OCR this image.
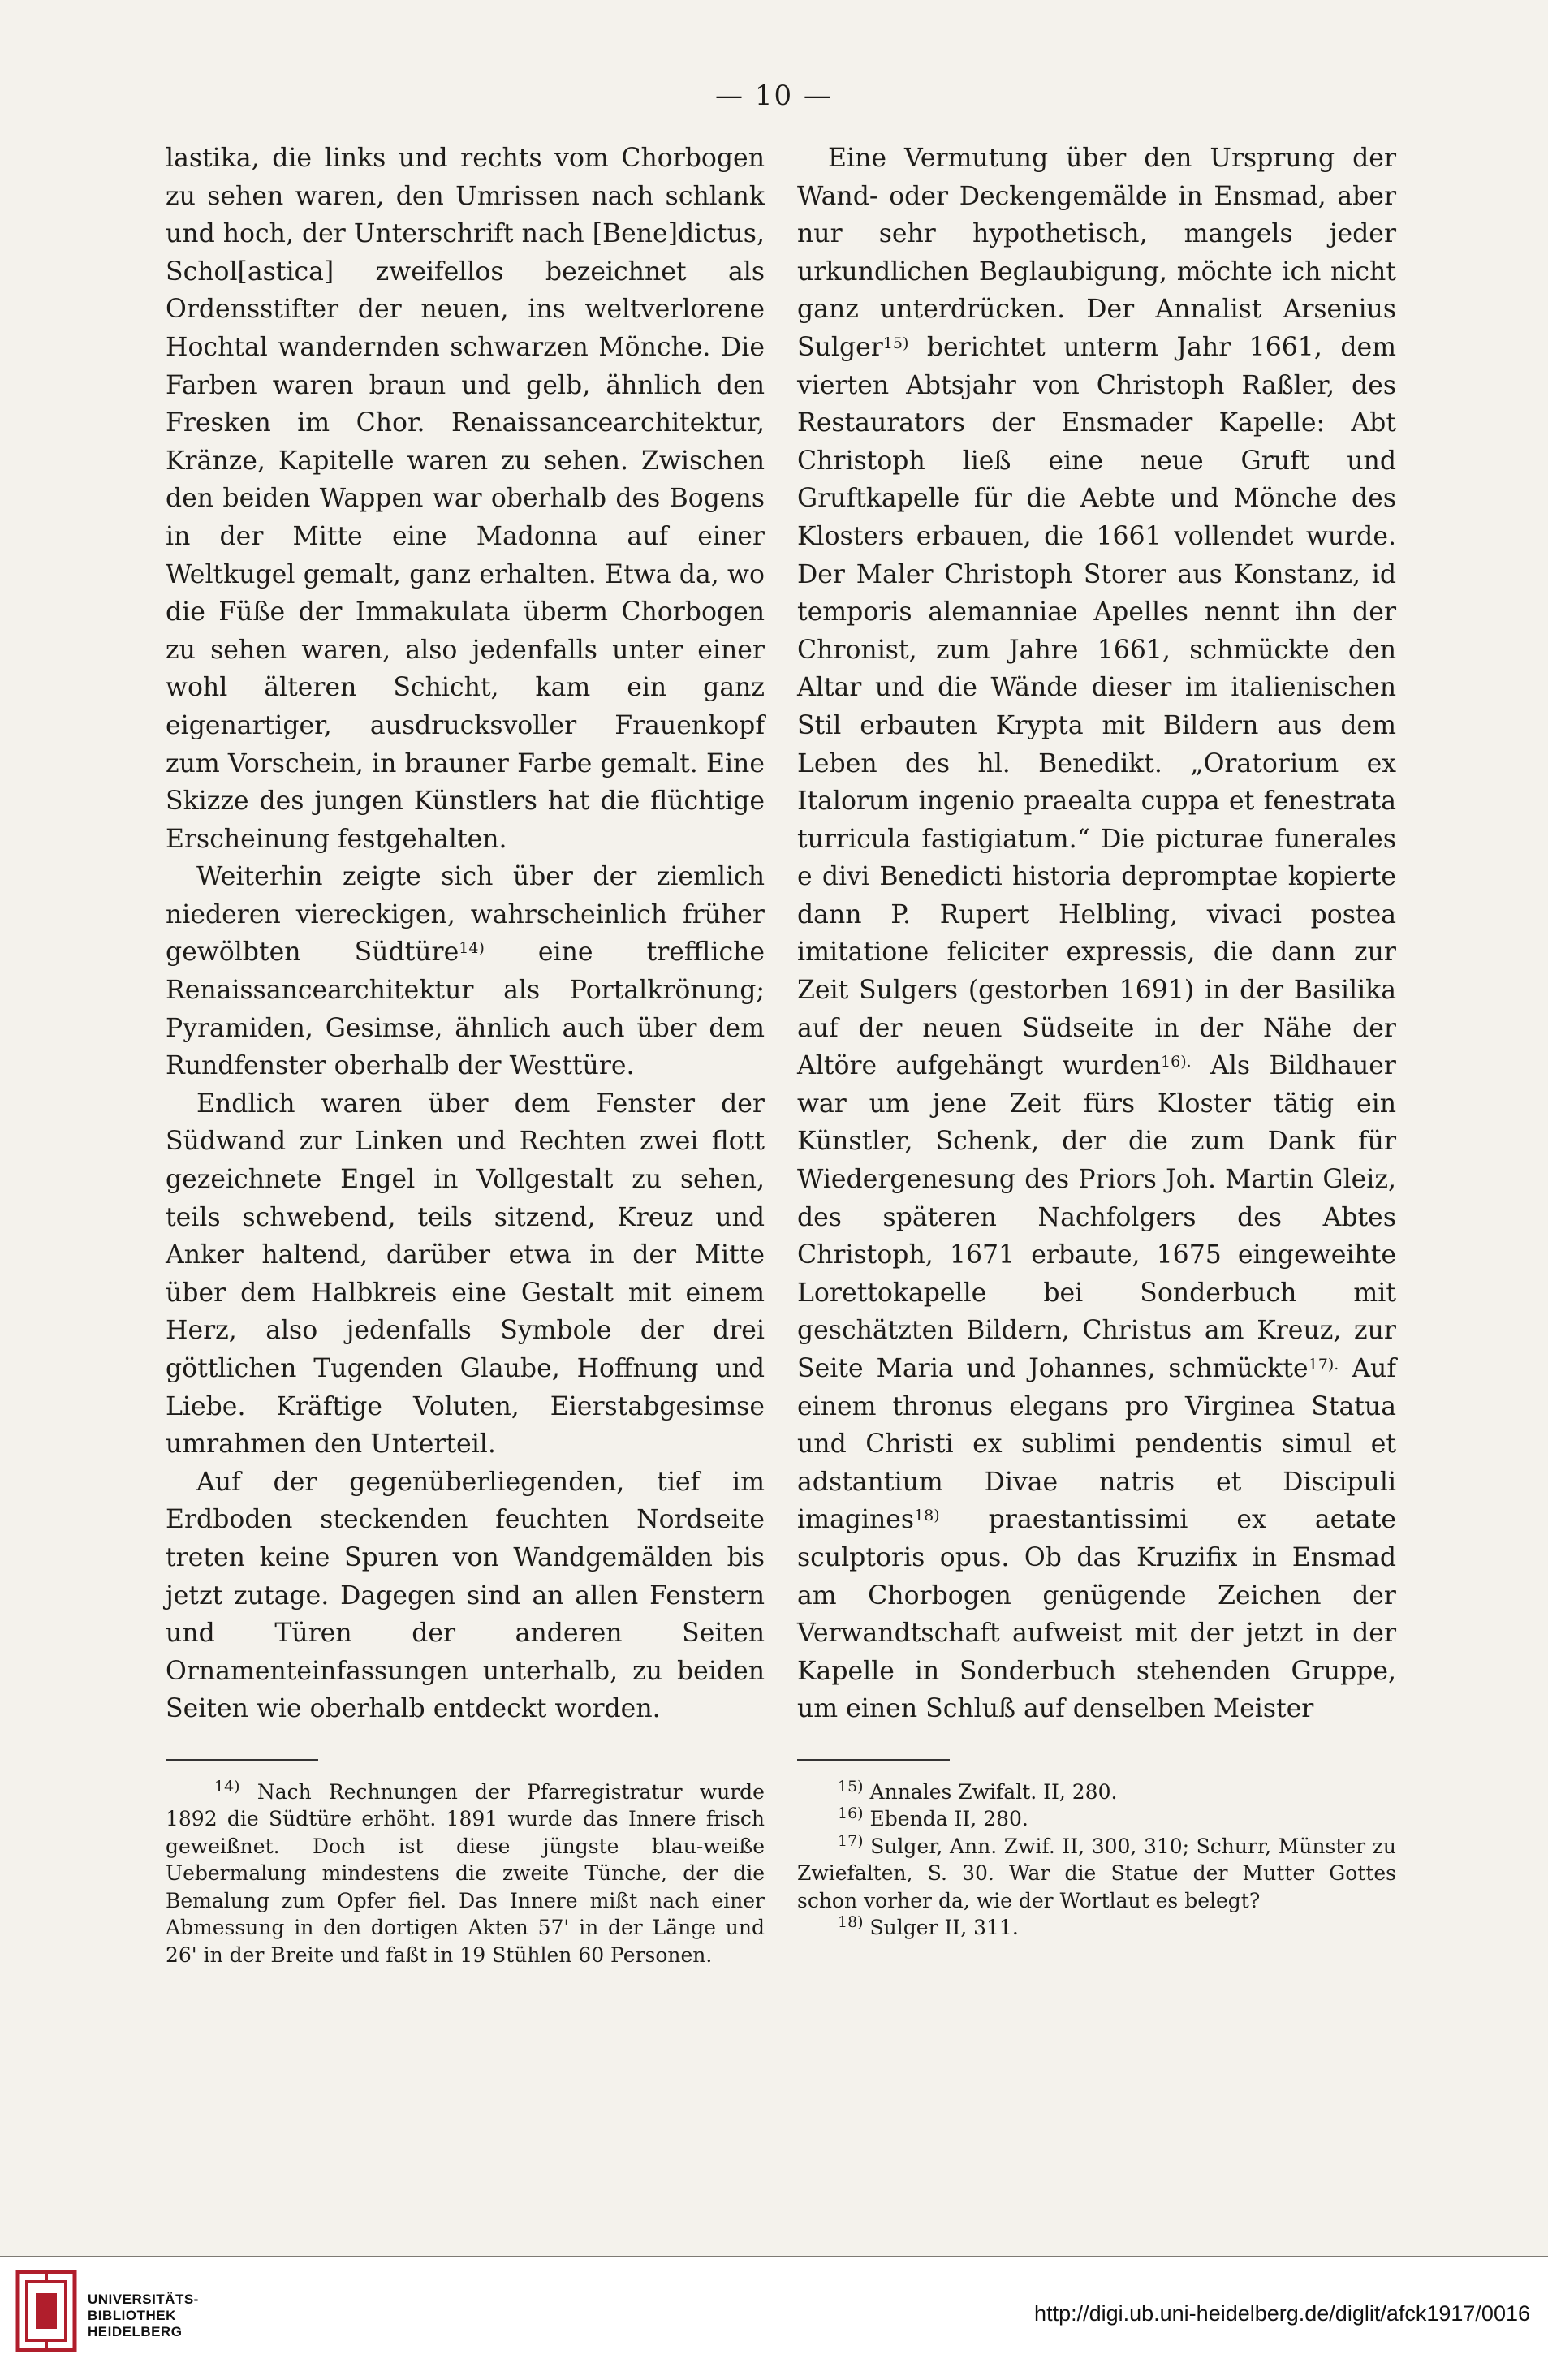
— 10 —

lastika, die links und rechts vom Chorbogen zu sehen waren, den Umrissen nach schlank und hoch, der Unterschrift nach [Bene]dictus, Schol[astica] zweifellos bezeichnet als Ordensstifter der neuen, ins weltverlorene Hochtal wandernden schwarzen Mönche. Die Farben waren braun und gelb, ähnlich den Fresken im Chor. Renaissancearchitektur, Kränze, Kapitelle waren zu sehen. Zwischen den beiden Wappen war oberhalb des Bogens in der Mitte eine Madonna auf einer Weltkugel gemalt, ganz erhalten. Etwa da, wo die Füße der Immakulata überm Chorbogen zu sehen waren, also jedenfalls unter einer wohl älteren Schicht, kam ein ganz eigenartiger, ausdrucksvoller Frauenkopf zum Vorschein, in brauner Farbe gemalt. Eine Skizze des jungen Künstlers hat die flüchtige Erscheinung festgehalten.

Weiterhin zeigte sich über der ziemlich niederen viereckigen, wahrscheinlich früher gewölbten Südtüre$^{14)}$ eine treffliche Renaissancearchitektur als Portalkrönung; Pyramiden, Gesimse, ähnlich auch über dem Rundfenster oberhalb der Westtüre.

Endlich waren über dem Fenster der Südwand zur Linken und Rechten zwei flott gezeichnete Engel in Vollgestalt zu sehen, teils schwebend, teils sitzend, Kreuz und Anker haltend, darüber etwa in der Mitte über dem Halbkreis eine Gestalt mit einem Herz, also jedenfalls Symbole der drei göttlichen Tugenden Glaube, Hoffnung und Liebe. Kräftige Voluten, Eierstabgesimse umrahmen den Unterteil.

Auf der gegenüberliegenden, tief im Erdboden steckenden feuchten Nordseite treten keine Spuren von Wandgemälden bis jetzt zutage. Dagegen sind an allen Fenstern und Türen der anderen Seiten Ornamenteinfassungen unterhalb, zu beiden Seiten wie oberhalb entdeckt worden.

$^{14)}$ Nach Rechnungen der Pfarregistratur wurde 1892 die Südtüre erhöht. 1891 wurde das Innere frisch geweißnet. Doch ist diese jüngste blau-weiße Uebermalung mindestens die zweite Tünche, der die Bemalung zum Opfer fiel. Das Innere mißt nach einer Abmessung in den dortigen Akten 57' in der Länge und 26' in der Breite und faßt in 19 Stühlen 60 Personen.

Eine Vermutung über den Ursprung der Wand- oder Deckengemälde in Ensmad, aber nur sehr hypothetisch, mangels jeder urkundlichen Beglaubigung, möchte ich nicht ganz unterdrücken. Der Annalist Arsenius Sulger$^{15)}$ berichtet unterm Jahr 1661, dem vierten Abtsjahr von Christoph Raßler, des Restaurators der Ensmader Kapelle: Abt Christoph ließ eine neue Gruft und Gruftkapelle für die Aebte und Mönche des Klosters erbauen, die 1661 vollendet wurde. Der Maler Christoph Storer aus Konstanz, id temporis alemanniae Apelles nennt ihn der Chronist, zum Jahre 1661, schmückte den Altar und die Wände dieser im italienischen Stil erbauten Krypta mit Bildern aus dem Leben des hl. Benedikt. „Oratorium ex Italorum ingenio praealta cuppa et fenestrata turricula fastigiatum.“ Die picturae funerales e divi Benedicti historia depromptae kopierte dann P. Rupert Helbling, vivaci postea imitatione feliciter expressis, die dann zur Zeit Sulgers (gestorben 1691) in der Basilika auf der neuen Südseite in der Nähe der Altöre aufgehängt wurden$^{16).}$ Als Bildhauer war um jene Zeit fürs Kloster tätig ein Künstler, Schenk, der die zum Dank für Wiedergenesung des Priors Joh. Martin Gleiz, des späteren Nachfolgers des Abtes Christoph, 1671 erbaute, 1675 eingeweihte Lorettokapelle bei Sonderbuch mit geschätzten Bildern, Christus am Kreuz, zur Seite Maria und Johannes, schmückte$^{17).}$ Auf einem thronus elegans pro Virginea Statua und Christi ex sublimi pendentis simul et adstantium Divae natris et Discipuli imagines$^{18)}$ praestantissimi ex aetate sculptoris opus. Ob das Kruzifix in Ensmad am Chorbogen genügende Zeichen der Verwandtschaft aufweist mit der jetzt in der Kapelle in Sonderbuch stehenden Gruppe, um einen Schluß auf denselben Meister

$^{15)}$ Annales Zwifalt. II, 280.

$^{16)}$ Ebenda II, 280.

$^{17)}$ Sulger, Ann. Zwif. II, 300, 310; Schurr, Münster zu Zwiefalten, S. 30. War die Statue der Mutter Gottes schon vorher da, wie der Wortlaut es belegt?

$^{18)}$ Sulger II, 311.

UNIVERSITÄTS-
BIBLIOTHEK
HEIDELBERG
http://digi.ub.uni-heidelberg.de/diglit/afck1917/0016
